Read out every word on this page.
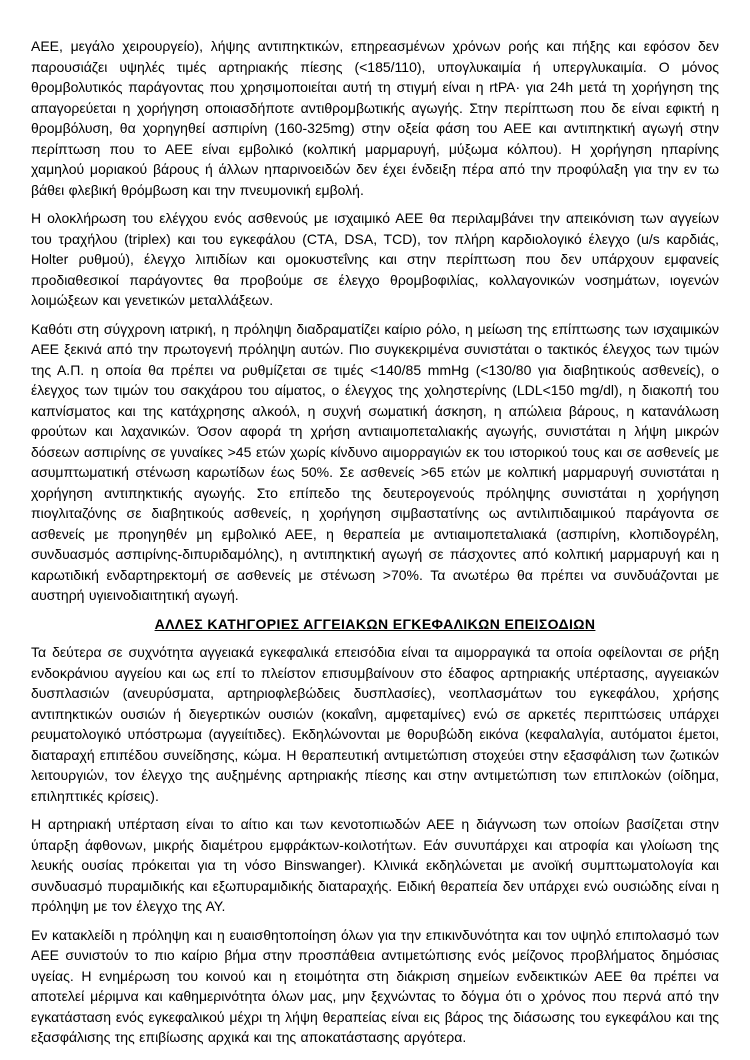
ΑΕΕ, μεγάλο χειρουργείο), λήψης αντιπηκτικών, επηρεασμένων χρόνων ροής και πήξης και εφόσον δεν παρουσιάζει υψηλές τιμές αρτηριακής πίεσης (<185/110), υπογλυκαιμία ή υπεργλυκαιμία. Ο μόνος θρομβολυτικός παράγοντας που χρησιμοποιείται αυτή τη στιγμή είναι η rtPA· για 24h μετά τη χορήγηση της απαγορεύεται η χορήγηση οποιασδήποτε αντιθρομβωτικής αγωγής. Στην περίπτωση που δε είναι εφικτή η θρομβόλυση, θα χορηγηθεί ασπιρίνη (160-325mg) στην οξεία φάση του ΑΕΕ και αντιπηκτική αγωγή στην περίπτωση που το ΑΕΕ είναι εμβολικό (κολπική μαρμαρυγή, μύξωμα κόλπου). Η χορήγηση ηπαρίνης χαμηλού μοριακού βάρους ή άλλων ηπαρινοειδών δεν έχει ένδειξη πέρα από την προφύλαξη για την εν τω βάθει φλεβική θρόμβωση και την πνευμονική εμβολή.

Η ολοκλήρωση του ελέγχου ενός ασθενούς με ισχαιμικό ΑΕΕ θα περιλαμβάνει την απεικόνιση των αγγείων του τραχήλου (triplex) και του εγκεφάλου (CTA, DSA, TCD), τον πλήρη καρδιολογικό έλεγχο (u/s καρδιάς, Holter ρυθμού), έλεγχο λιπιδίων και ομοκυστεΐνης και στην περίπτωση που δεν υπάρχουν εμφανείς προδιαθεσικοί παράγοντες θα προβούμε σε έλεγχο θρομβοφιλίας, κολλαγονικών νοσημάτων, ιογενών λοιμώξεων και γενετικών μεταλλάξεων.

Καθότι στη σύγχρονη ιατρική, η πρόληψη διαδραματίζει καίριο ρόλο, η μείωση της επίπτωσης των ισχαιμικών ΑΕΕ ξεκινά από την πρωτογενή πρόληψη αυτών. Πιο συγκεκριμένα συνιστάται ο τακτικός έλεγχος των τιμών της Α.Π. η οποία θα πρέπει να ρυθμίζεται σε τιμές <140/85 mmHg (<130/80 για διαβητικούς ασθενείς), ο έλεγχος των τιμών του σακχάρου του αίματος, ο έλεγχος της χοληστερίνης (LDL<150 mg/dl), η διακοπή του καπνίσματος και της κατάχρησης αλκοόλ, η συχνή σωματική άσκηση, η απώλεια βάρους, η κατανάλωση φρούτων και λαχανικών. Όσον αφορά τη χρήση αντιαιμοπεταλιακής αγωγής, συνιστάται η λήψη μικρών δόσεων ασπιρίνης σε γυναίκες >45 ετών χωρίς κίνδυνο αιμορραγιών εκ του ιστορικού τους και σε ασθενείς με ασυμπτωματική στένωση καρωτίδων έως 50%. Σε ασθενείς >65 ετών με κολπική μαρμαρυγή συνιστάται η χορήγηση αντιπηκτικής αγωγής. Στο επίπεδο της δευτερογενούς πρόληψης συνιστάται η χορήγηση πιογλιταζόνης σε διαβητικούς ασθενείς, η χορήγηση σιμβαστατίνης ως αντιλιπιδαιμικού παράγοντα σε ασθενείς με προηγηθέν μη εμβολικό ΑΕΕ, η θεραπεία με αντιαιμοπεταλιακά (ασπιρίνη, κλοπιδογρέλη, συνδυασμός ασπιρίνης-διπυριδαμόλης), η αντιπηκτική αγωγή σε πάσχοντες από κολπική μαρμαρυγή και η καρωτιδική ενδαρτηρεκτομή σε ασθενείς με στένωση >70%. Τα ανωτέρω θα πρέπει να συνδυάζονται με αυστηρή υγιεινοδιαιτητική αγωγή.

ΑΛΛΕΣ ΚΑΤΗΓΟΡΙΕΣ ΑΓΓΕΙΑΚΩΝ ΕΓΚΕΦΑΛΙΚΩΝ ΕΠΕΙΣΟΔΙΩΝ

Τα δεύτερα σε συχνότητα αγγειακά εγκεφαλικά επεισόδια είναι τα αιμορραγικά τα οποία οφείλονται σε ρήξη ενδοκράνιου αγγείου και ως επί το πλείστον επισυμβαίνουν στο έδαφος αρτηριακής υπέρτασης, αγγειακών δυσπλασιών (ανευρύσματα, αρτηριοφλεβώδεις δυσπλασίες), νεοπλασμάτων του εγκεφάλου, χρήσης αντιπηκτικών ουσιών ή διεγερτικών ουσιών (κοκαΐνη, αμφεταμίνες) ενώ σε αρκετές περιπτώσεις υπάρχει ρευματολογικό υπόστρωμα (αγγειίτιδες). Εκδηλώνονται με θορυβώδη εικόνα (κεφαλαλγία, αυτόματοι έμετοι, διαταραχή επιπέδου συνείδησης, κώμα. Η θεραπευτική αντιμετώπιση στοχεύει στην εξασφάλιση των ζωτικών λειτουργιών, τον έλεγχο της αυξημένης αρτηριακής πίεσης και στην αντιμετώπιση των επιπλοκών (οίδημα, επιληπτικές κρίσεις).

Η αρτηριακή υπέρταση είναι το αίτιο και των κενοτοπιωδών ΑΕΕ η διάγνωση των οποίων βασίζεται στην ύπαρξη άφθονων, μικρής διαμέτρου εμφράκτων-κοιλοτήτων. Εάν συνυπάρχει και ατροφία και γλοίωση της λευκής ουσίας πρόκειται για τη νόσο Binswanger). Κλινικά εκδηλώνεται με ανοϊκή συμπτωματολογία και συνδυασμό πυραμιδικής και εξωπυραμιδικής διαταραχής. Ειδική θεραπεία δεν υπάρχει ενώ ουσιώδης είναι η πρόληψη με τον έλεγχο της ΑΥ.

Εν κατακλείδι η πρόληψη και η ευαισθητοποίηση όλων για την επικινδυνότητα και τον υψηλό επιπολασμό των ΑΕΕ συνιστούν το πιο καίριο βήμα στην προσπάθεια αντιμετώπισης ενός μείζονος προβλήματος δημόσιας υγείας. Η ενημέρωση του κοινού και η ετοιμότητα στη διάκριση σημείων ενδεικτικών ΑΕΕ θα πρέπει να αποτελεί μέριμνα και καθημερινότητα όλων μας, μην ξεχνώντας το δόγμα ότι ο χρόνος που περνά από την εγκατάσταση ενός εγκεφαλικού μέχρι τη λήψη θεραπείας είναι εις βάρος της διάσωσης του εγκεφάλου και της εξασφάλισης της επιβίωσης αρχικά και της αποκατάστασης αργότερα.
